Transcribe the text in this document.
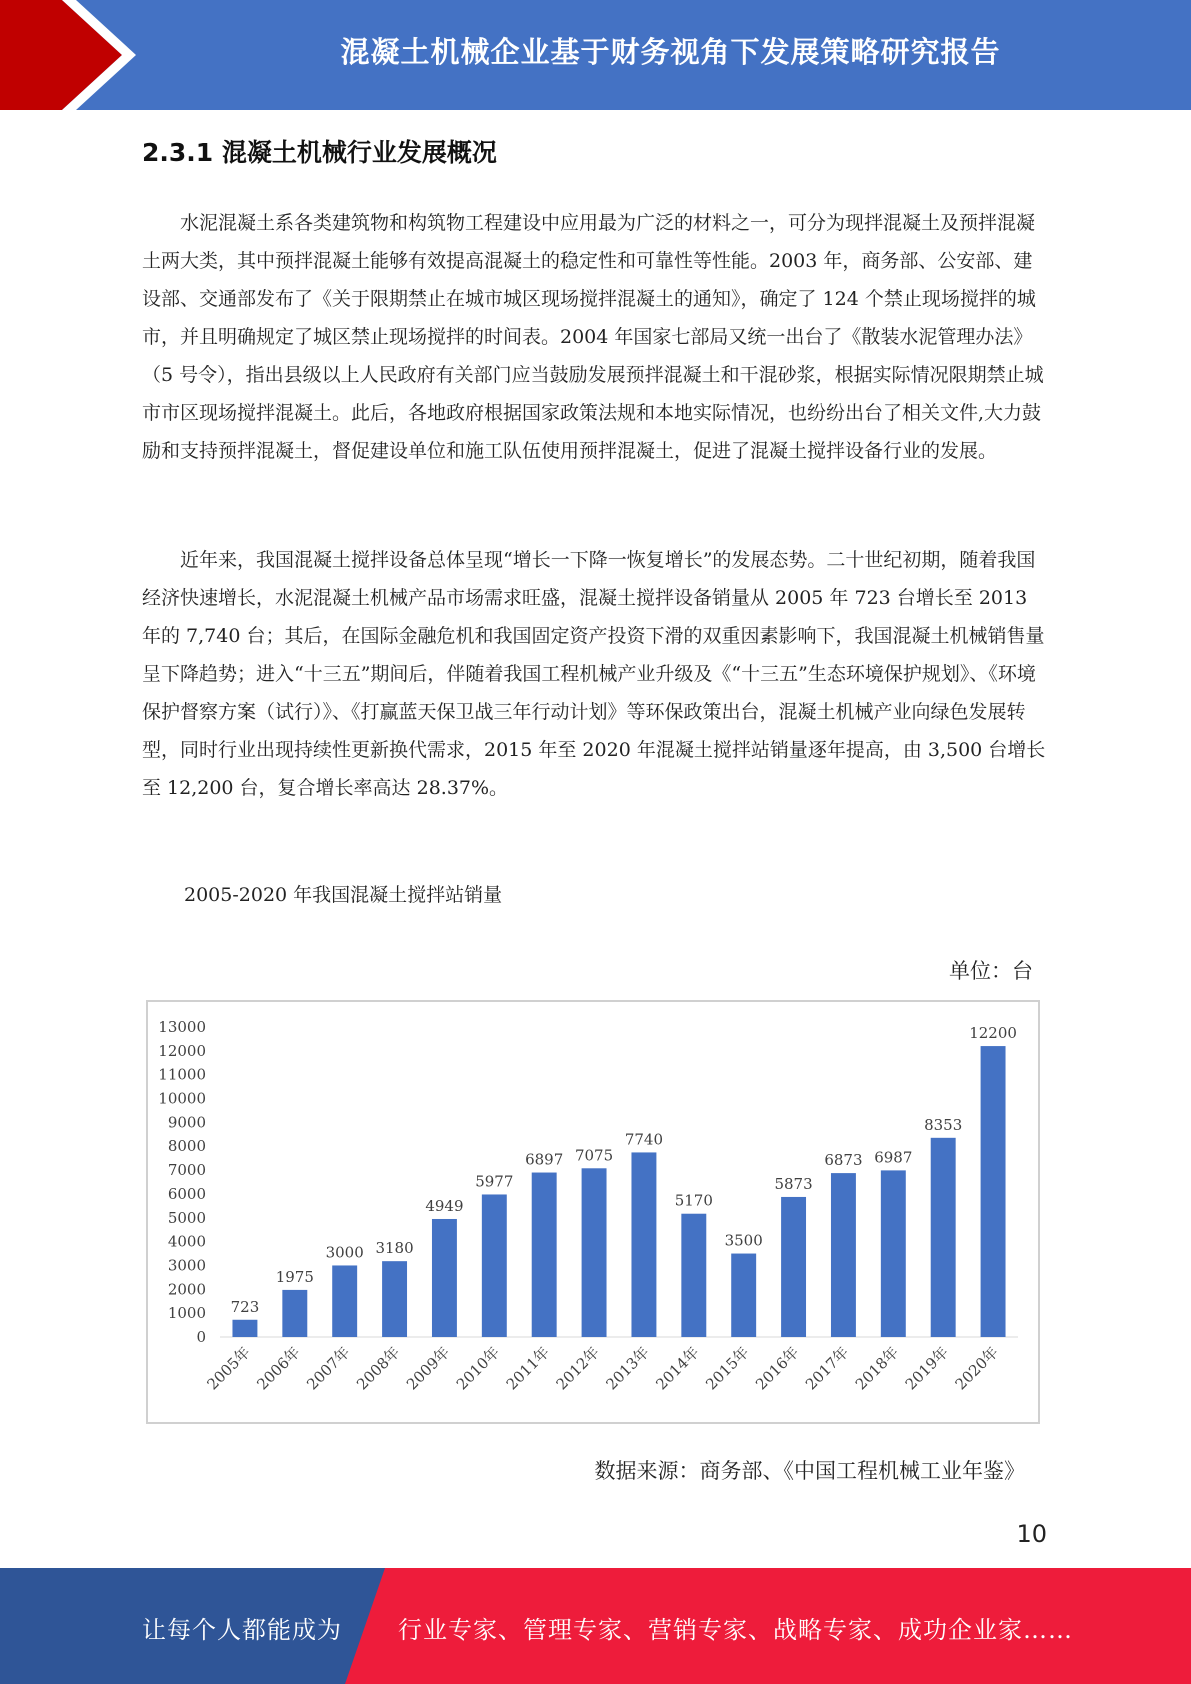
混凝土机械企业基于财务视角下发展策略研究报告
2.3.1 混凝土机械行业发展概况

水泥混凝土系各类建筑物和构筑物工程建设中应用最为广泛的材料之一，可分为现拌混凝土及预拌混凝土两大类，其中预拌混凝土能够有效提高混凝土的稳定性和可靠性等性能。2003 年，商务部、公安部、建设部、交通部发布了《关于限期禁止在城市城区现场搅拌混凝土的通知》，确定了 124 个禁止现场搅拌的城市，并且明确规定了城区禁止现场搅拌的时间表。2004 年国家七部局又统一出台了《散装水泥管理办法》（5 号令），指出县级以上人民政府有关部门应当鼓励发展预拌混凝土和干混砂浆，根据实际情况限期禁止城市市区现场搅拌混凝土。此后，各地政府根据国家政策法规和本地实际情况，也纷纷出台了相关文件,大力鼓励和支持预拌混凝土，督促建设单位和施工队伍使用预拌混凝土，促进了混凝土搅拌设备行业的发展。

近年来，我国混凝土搅拌设备总体呈现“增长一下降一恢复增长”的发展态势。二十世纪初期，随着我国经济快速增长，水泥混凝土机械产品市场需求旺盛，混凝土搅拌设备销量从 2005 年 723 台增长至 2013 年的 7,740 台；其后，在国际金融危机和我国固定资产投资下滑的双重因素影响下，我国混凝土机械销售量呈下降趋势；进入“十三五”期间后，伴随着我国工程机械产业升级及《“十三五”生态环境保护规划》、《环境保护督察方案（试行）》、《打赢蓝天保卫战三年行动计划》等环保政策出台，混凝土机械产业向绿色发展转型，同时行业出现持续性更新换代需求，2015 年至 2020 年混凝土搅拌站销量逐年提高，由 3,500 台增长至 12,200 台，复合增长率高达 28.37%。

2005-2020 年我国混凝土搅拌站销量
单位：台
0
1000
2000
3000
4000
5000
6000
7000
8000
9000
10000
11000
12000
13000
723
2005年
1975
2006年
3000
2007年
3180
2008年
4949
2009年
5977
2010年
6897
2011年
7075
2012年
7740
2013年
5170
2014年
3500
2015年
5873
2016年
6873
2017年
6987
2018年
8353
2019年
12200
2020年
数据来源：商务部、《中国工程机械工业年鉴》
10
让每个人都能成为 行业专家、管理专家、营销专家、战略专家、成功企业家……
